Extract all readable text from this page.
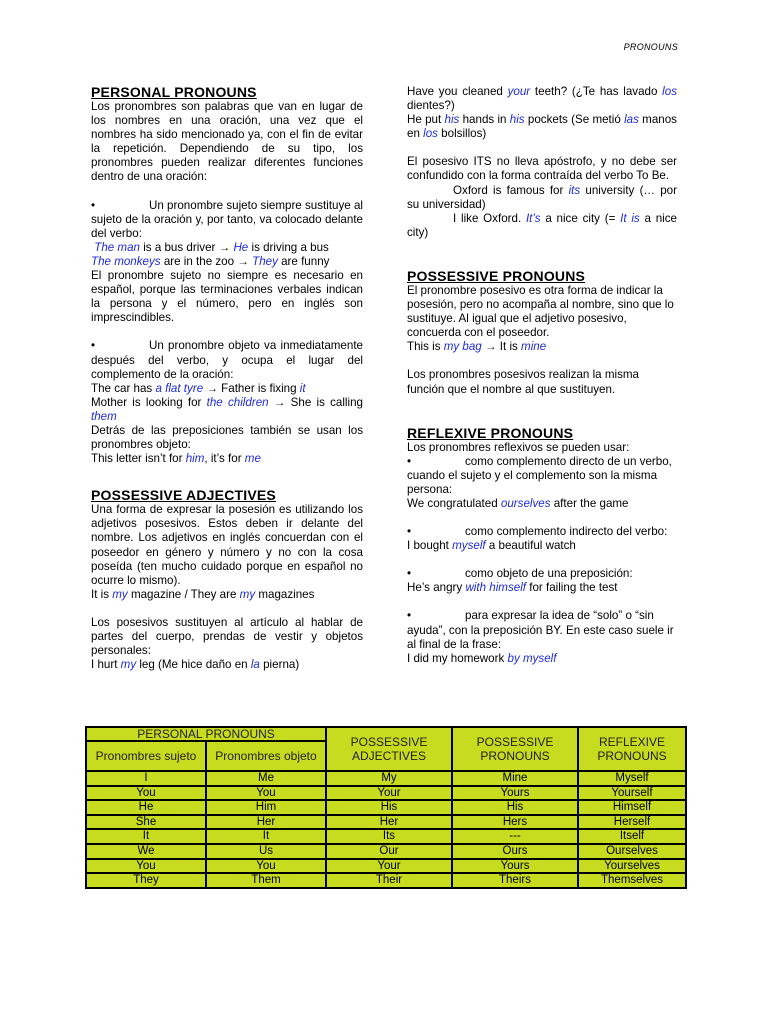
PRONOUNS
PERSONAL PRONOUNS

Los pronombres son palabras que van en lugar de los nombres en una oración, una vez que el nombres ha sido mencionado ya, con el fin de evitar la repetición. Dependiendo de su tipo, los pronombres pueden realizar diferentes funciones dentro de una oración:

•	Un pronombre sujeto siempre sustituye al sujeto de la oración y, por tanto, va colocado delante del verbo:

The man is a bus driver → He is driving a bus

The monkeys are in the zoo → They are funny

El pronombre sujeto no siempre es necesario en español, porque las terminaciones verbales indican la persona y el número, pero en inglés son imprescindibles.

•	Un pronombre objeto va inmediatamente después del verbo, y ocupa el lugar del complemento de la oración:

The car has a flat tyre → Father is fixing it

Mother is looking for the children → She is calling them

Detrás de las preposiciones también se usan los pronombres objeto:

This letter isn’t for him, it’s for me

POSSESSIVE ADJECTIVES

Una forma de expresar la posesión es utilizando los adjetivos posesivos. Estos deben ir delante del nombre. Los adjetivos en inglés concuerdan con el poseedor en género y número y no con la cosa poseída (ten mucho cuidado porque en español no ocurre lo mismo).

It is my magazine / They are my magazines

Los posesivos sustituyen al artículo al hablar de partes del cuerpo, prendas de vestir y objetos personales:

I hurt my leg (Me hice daño en la pierna)

Have you cleaned your teeth? (¿Te has lavado los dientes?)

He put his hands in his pockets (Se metió las manos en los bolsillos)

El posesivo ITS no lleva apóstrofo, y no debe ser confundido con la forma contraída del verbo To Be.

Oxford is famous for its university (… por su universidad)

I like Oxford. It’s a nice city (= It is a nice city)

POSSESSIVE PRONOUNS

El pronombre posesivo es otra forma de indicar la posesión, pero no acompaña al nombre, sino que lo sustituye. Al igual que el adjetivo posesivo, concuerda con el poseedor.

This is my bag → It is mine

Los pronombres posesivos realizan la misma función que el nombre al que sustituyen.

REFLEXIVE PRONOUNS

Los pronombres reflexivos se pueden usar:

•	como complemento directo de un verbo, cuando el sujeto y el complemento son la misma persona:

We congratulated ourselves after the game

•	como complemento indirecto del verbo:

I bought myself a beautiful watch

•	como objeto de una preposición:

He’s angry with himself for failing the test

•	para expresar la idea de “solo” o “sin ayuda”, con la preposición BY. En este caso suele ir al final de la frase:

I did my homework by myself

PERSONAL PRONOUNS		POSSESSIVE ADJECTIVES	POSSESSIVE PRONOUNS	REFLEXIVE PRONOUNS
Pronombres sujeto	Pronombres objeto			
I	Me	My	Mine	Myself
You	You	Your	Yours	Yourself
He	Him	His	His	Himself
She	Her	Her	Hers	Herself
It	It	Its	---	Itself
We	Us	Our	Ours	Ourselves
You	You	Your	Yours	Yourselves
They	Them	Their	Theirs	Themselves
